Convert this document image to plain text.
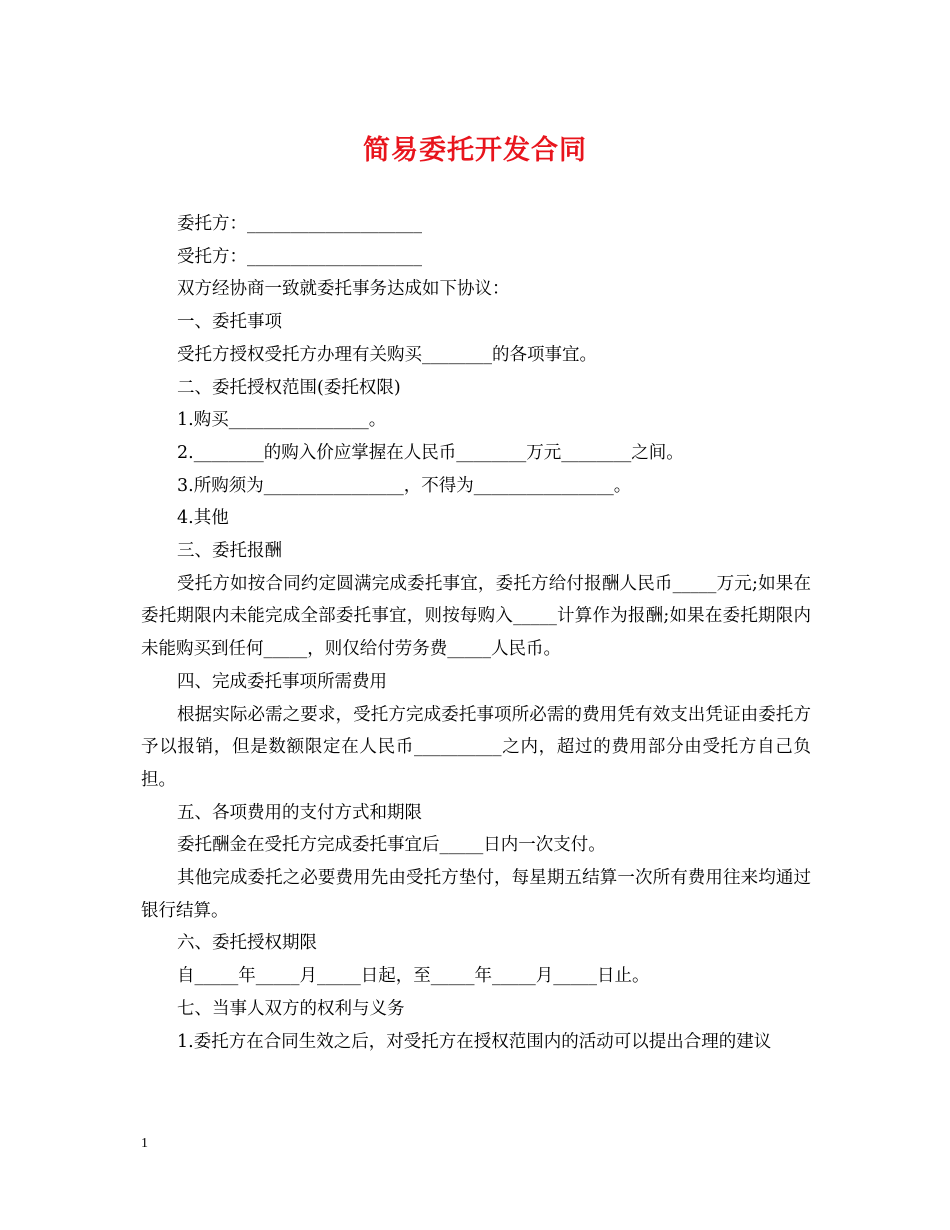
简易委托开发合同

委托方：____________________

受托方：____________________

双方经协商一致就委托事务达成如下协议：

一、委托事项

受托方授权受托方办理有关购买________的各项事宜。

二、委托授权范围(委托权限)

1.购买________________。

2.________的购入价应掌握在人民币________万元________之间。

3.所购须为________________，不得为________________。

4.其他

三、委托报酬

受托方如按合同约定圆满完成委托事宜，委托方给付报酬人民币_____万元;如果在委托期限内未能完成全部委托事宜，则按每购入_____计算作为报酬;如果在委托期限内未能购买到任何_____，则仅给付劳务费_____人民币。

四、完成委托事项所需费用

根据实际必需之要求，受托方完成委托事项所必需的费用凭有效支出凭证由委托方予以报销，但是数额限定在人民币__________之内，超过的费用部分由受托方自己负担。

五、各项费用的支付方式和期限

委托酬金在受托方完成委托事宜后_____日内一次支付。

其他完成委托之必要费用先由受托方垫付，每星期五结算一次所有费用往来均通过银行结算。

六、委托授权期限

自_____年_____月_____日起，至_____年_____月_____日止。

七、当事人双方的权利与义务

1.委托方在合同生效之后，对受托方在授权范围内的活动可以提出合理的建议

1
